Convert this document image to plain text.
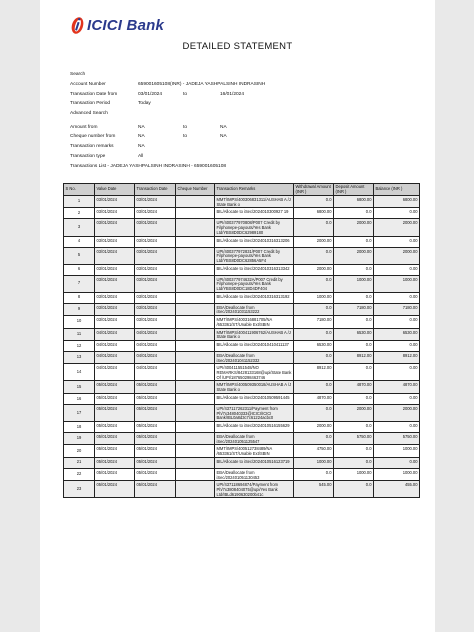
ICICI Bank
DETAILED STATEMENT
Search
Account Number	659001605108(INR) - JADEJA YASHPALSINH INDRASINH
Transaction Date from	03/01/2024	to	16/01/2024
Transaction Period	Today
Advanced Search
Amount from	NA	to	NA
Cheque number from	NA	to	NA
Transaction remarks	NA
Transaction type	All
Transactions List - JADEJA YASHPALSINH INDRASINH - 659001605108
S No.	Value Date	Transaction Date	Cheque Number	Transaction Remarks	Withdrawal Amount (INR )	Deposit Amount (INR )	Balance (INR )
1	03/01/2024	03/01/2024		MMT/IMPS/400306831311/AUSHAB A /J State Bank o	0.0	6800.00	6800.00

2	03/01/2024	03/01/2024		BIL/Allocate to iSec/2024010300927 19	6800.00	0.0	0.00

3	03/01/2024	03/01/2024		UPI/400377970808/P007 Credit by Fi/phonepe-payouts/Yes Bank Ltd/YBS8D0DC62989180	0.0	2000.00	2000.00

4	03/01/2024	03/01/2024		BIL/Allocate to iSec/2024010316313206	2000.00	0.0	0.00

5	03/01/2024	03/01/2024		UPI/400377972831/P007 Credit by Fi/phonepe-payouts/Yes Bank Ltd/YBS8D0DC62856A5F4	0.0	2000.00	2000.00

6	03/01/2024	03/01/2024		BIL/Allocate to iSec/2024010316313342	2000.00	0.0	0.00

7	03/01/2024	03/01/2024		UPI/400377974632A/P007 Credit by Fi/phonepe-payouts/Yes Bank Ltd/YBS8D0DC18D4DF404	0.0	1000.00	1000.00

8	03/01/2024	03/01/2024		BIL/Allocate to iSec/2024010316313192	1000.00	0.0	0.00

9	03/01/2024	03/01/2024		EBA/Deallocate from iSec/202401031153222	0.0	7180.00	7180.00

10	03/01/2024	03/01/2024		MMT/IMPS/400316881705/NA /653361/ST/Unable Ext/SBIN	7180.00	0.0	0.00

11	04/01/2024	04/01/2024		MMT/IMPS/400411906762/AUSHAB A /J State Bank o	0.0	6530.00	6530.00

12	04/01/2024	04/01/2024		BIL/Allocate to iSec/2024010410411137	6530.00	0.0	0.00

13	04/01/2024	04/01/2024		EBA/Deallocate from iSec/202401041152332	0.0	8912.00	8912.00

14	04/01/2024	04/01/2024		UPI/400411551548/NO REMARKS/8428133168@upi/State Bank Of /UPI/187650298463746	8912.00	0.0	0.00

15	05/01/2024	05/01/2024		MMT/IMPS/400509350018/AUSHAB A /J State Bank o	0.0	4870.00	4870.00

16	05/01/2024	05/01/2024		BIL/Allocate to iSec/2024010509591445	4870.00	0.0	0.00

17	05/01/2024	05/01/2024		UPI/437117262311/Payment from Ph/7x348040333@ICICI/ICICI Bank/IBL0a8d3c7c61224acbc0	0.0	2000.00	2000.00

18	05/01/2024	05/01/2024		BIL/Allocate to iSec/2024010516155629	2000.00	0.0	0.00

19	05/01/2024	05/01/2024		EBA/Deallocate from iSec/202401051125547	0.0	5750.00	5750.00

20	05/01/2024	05/01/2024		MMT/IMPS/400512738489/NA /653361/ST/Unable Ext/SBIN	4750.00	0.0	1000.00

21	05/01/2024	05/01/2024		BIL/Allocate to iSec/2024010516123719	1000.00	0.0	0.00

22	05/01/2024	05/01/2024		EBA/Deallocate from iSec/202401051130453	0.0	1000.00	1000.00

23	05/01/2024	05/01/2024		UPI/437118694874/Payment from Ph/7x3808404075@upi/Yes Bank Ltd/IBLd6190630200b41c	545.00	0.0	455.00
